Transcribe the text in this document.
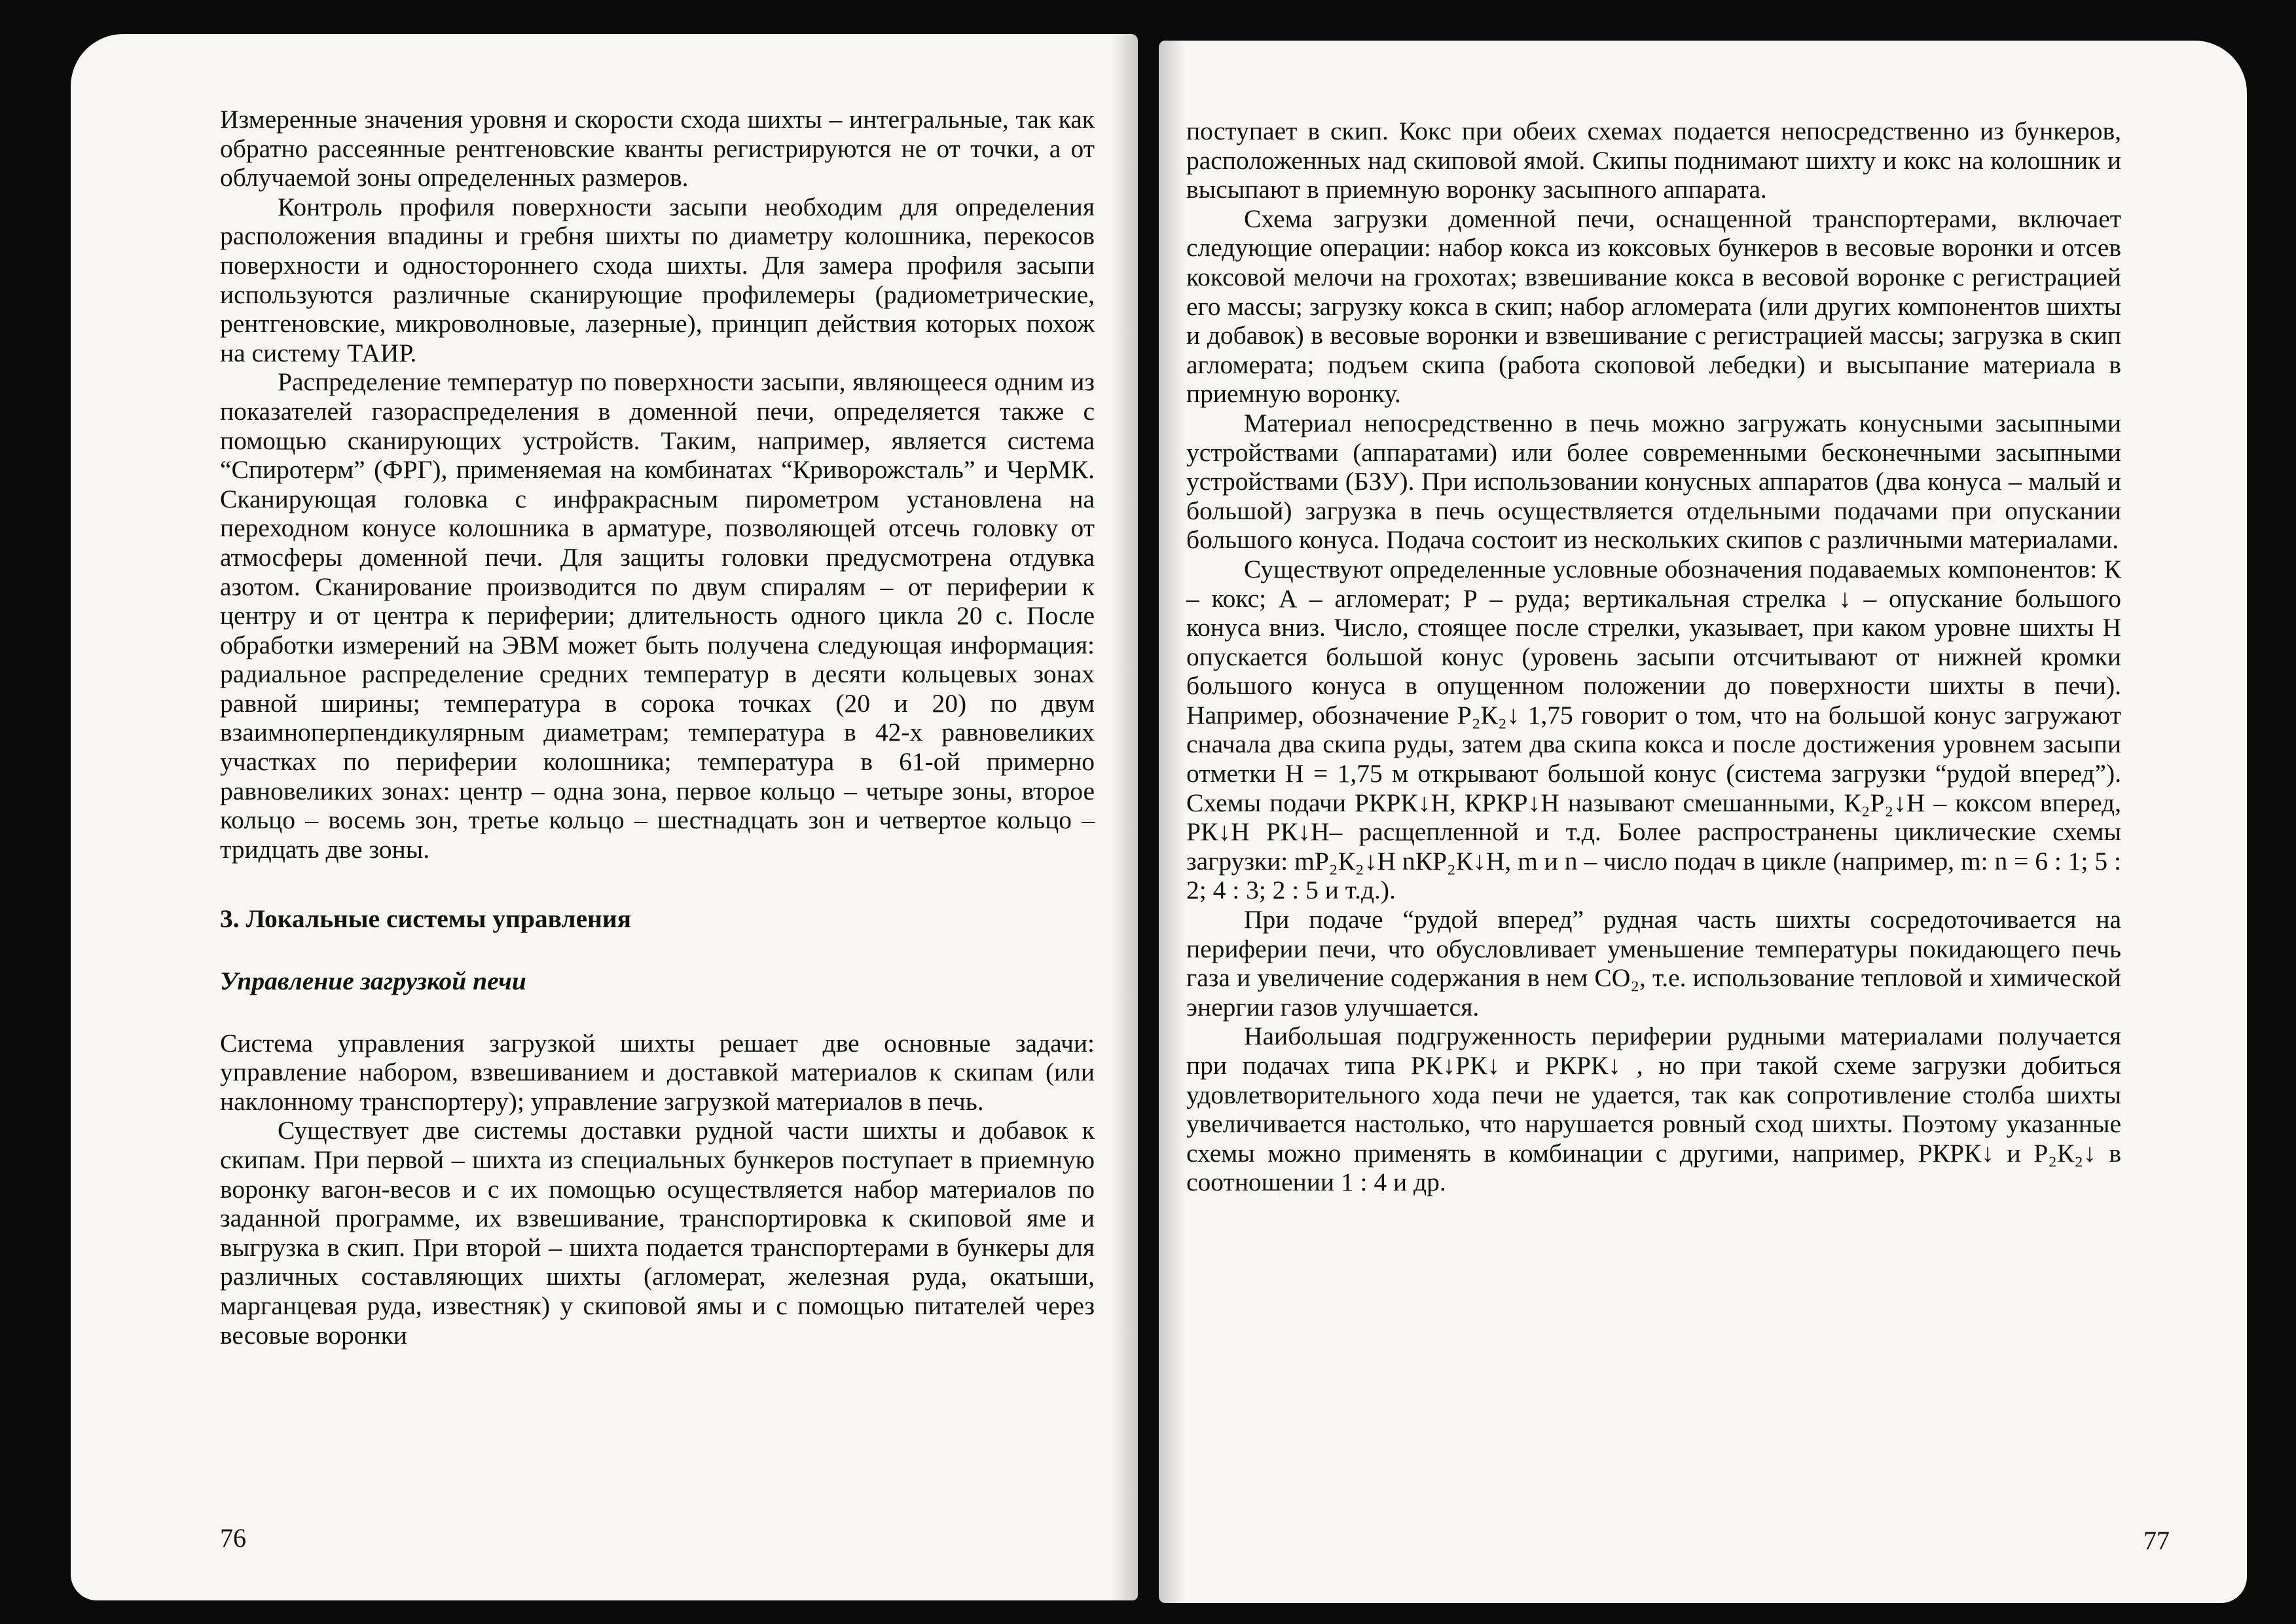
Измеренные значения уровня и скорости схода шихты – интегральные, так как обратно рассеянные рентгеновские кванты регистрируются не от точки, а от облучаемой зоны определенных размеров.

Контроль профиля поверхности засыпи необходим для определения расположения впадины и гребня шихты по диаметру колошника, перекосов поверхности и одностороннего схода шихты. Для замера профиля засыпи используются различные сканирующие профилемеры (радиометрические, рентгеновские, микроволновые, лазерные), принцип действия которых похож на систему ТАИР.

Распределение температур по поверхности засыпи, являющееся одним из показателей газораспределения в доменной печи, определяется также с помощью сканирующих устройств. Таким, например, является система “Спиротерм” (ФРГ), применяемая на комбинатах “Криворожсталь” и ЧерМК. Сканирующая головка с инфракрасным пирометром установлена на переходном конусе колошника в арматуре, позволяющей отсечь головку от атмосферы доменной печи. Для защиты головки предусмотрена отдувка азотом. Сканирование производится по двум спиралям – от периферии к центру и от центра к периферии; длительность одного цикла 20 с. После обработки измерений на ЭВМ может быть получена следующая информация: радиальное распределение средних температур в десяти кольцевых зонах равной ширины; температура в сорока точках (20 и 20) по двум взаимноперпендикулярным диаметрам; температура в 42-х равновеликих участках по периферии колошника; температура в 61-ой примерно равновеликих зонах: центр – одна зона, первое кольцо – четыре зоны, второе кольцо – восемь зон, третье кольцо – шестнадцать зон и четвертое кольцо – тридцать две зоны.

3. Локальные системы управления
Управление загрузкой печи

Система управления загрузкой шихты решает две основные задачи: управление набором, взвешиванием и доставкой материалов к скипам (или наклонному транспортеру); управление загрузкой материалов в печь.

Существует две системы доставки рудной части шихты и добавок к скипам. При первой – шихта из специальных бункеров поступает в приемную воронку вагон-весов и с их помощью осуществляется набор материалов по заданной программе, их взвешивание, транспортировка к скиповой яме и выгрузка в скип. При второй – шихта подается транспортерами в бункеры для различных составляющих шихты (агломерат, железная руда, окатыши, марганцевая руда, известняк) у скиповой ямы и с помощью питателей через весовые воронки

76

поступает в скип. Кокс при обеих схемах подается непосредственно из бункеров, расположенных над скиповой ямой. Скипы поднимают шихту и кокс на колошник и высыпают в приемную воронку засыпного аппарата.

Схема загрузки доменной печи, оснащенной транспортерами, включает следующие операции: набор кокса из коксовых бункеров в весовые воронки и отсев коксовой мелочи на грохотах; взвешивание кокса в весовой воронке с регистрацией его массы; загрузку кокса в скип; набор агломерата (или других компонентов шихты и добавок) в весовые воронки и взвешивание с регистрацией массы; загрузка в скип агломерата; подъем скипа (работа скоповой лебедки) и высыпание материала в приемную воронку.

Материал непосредственно в печь можно загружать конусными засыпными устройствами (аппаратами) или более современными бесконечными засыпными устройствами (БЗУ). При использовании конусных аппаратов (два конуса – малый и большой) загрузка в печь осуществляется отдельными подачами при опускании большого конуса. Подача состоит из нескольких скипов с различными материалами.

Существуют определенные условные обозначения подаваемых компонентов: К – кокс; А – агломерат; Р – руда; вертикальная стрелка ↓ – опускание большого конуса вниз. Число, стоящее после стрелки, указывает, при каком уровне шихты H опускается большой конус (уровень засыпи отсчитывают от нижней кромки большого конуса в опущенном положении до поверхности шихты в печи). Например, обозначение Р₂К₂↓ 1,75 говорит о том, что на большой конус загружают сначала два скипа руды, затем два скипа кокса и после достижения уровнем засыпи отметки H = 1,75 м открывают большой конус (система загрузки “рудой вперед”). Схемы подачи РКРК↓H, КРКР↓H называют смешанными, К₂Р₂↓H – коксом вперед, РК↓H РК↓H– расщепленной и т.д. Более распространены циклические схемы загрузки: mР₂К₂↓H nКР₂К↓H, m и n – число подач в цикле (например, m: n = 6 : 1; 5 : 2; 4 : 3; 2 : 5 и т.д.).

При подаче “рудой вперед” рудная часть шихты сосредоточивается на периферии печи, что обусловливает уменьшение температуры покидающего печь газа и увеличение содержания в нем СО₂, т.е. использование тепловой и химической энергии газов улучшается.

Наибольшая подгруженность периферии рудными материалами получается при подачах типа РК↓РК↓ и РКРК↓ , но при такой схеме загрузки добиться удовлетворительного хода печи не удается, так как сопротивление столба шихты увеличивается настолько, что нарушается ровный сход шихты. Поэтому указанные схемы можно применять в комбинации с другими, например, РКРК↓ и Р₂К₂↓ в соотношении 1 : 4 и др.

77
